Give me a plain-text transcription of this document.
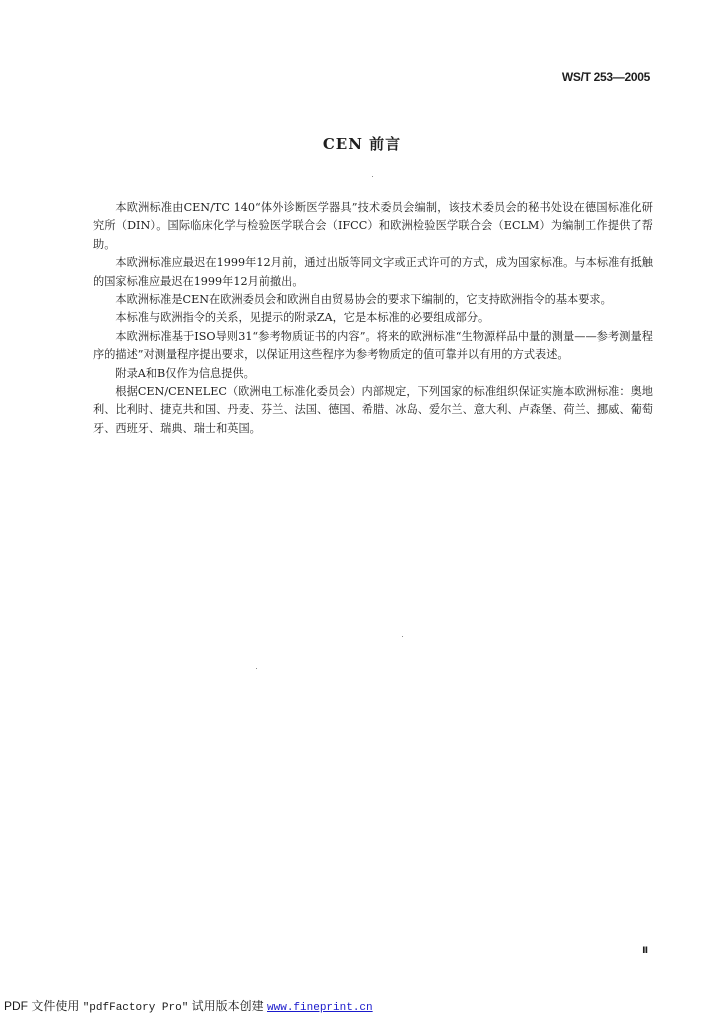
WS/T 253—2005
CEN 前言

本欧洲标准由CEN/TC 140“体外诊断医学器具”技术委员会编制，该技术委员会的秘书处设在德国标准化研究所（DIN）。国际临床化学与检验医学联合会（IFCC）和欧洲检验医学联合会（ECLM）为编制工作提供了帮助。

本欧洲标准应最迟在1999年12月前，通过出版等同文字或正式许可的方式，成为国家标准。与本标准有抵触的国家标准应最迟在1999年12月前撤出。

本欧洲标准是CEN在欧洲委员会和欧洲自由贸易协会的要求下编制的，它支持欧洲指令的基本要求。

本标准与欧洲指令的关系，见提示的附录ZA，它是本标准的必要组成部分。

本欧洲标准基于ISO导则31“参考物质证书的内容”。将来的欧洲标准“生物源样品中量的测量——参考测量程序的描述”对测量程序提出要求，以保证用这些程序为参考物质定的值可靠并以有用的方式表述。

附录A和B仅作为信息提供。

根据CEN/CENELEC（欧洲电工标准化委员会）内部规定，下列国家的标准组织保证实施本欧洲标准：奥地利、比利时、捷克共和国、丹麦、芬兰、法国、德国、希腊、冰岛、爱尔兰、意大利、卢森堡、荷兰、挪威、葡萄牙、西班牙、瑞典、瑞士和英国。

Ⅱ
PDF 文件使用 "pdfFactory Pro" 试用版本创建 www.fineprint.cn
